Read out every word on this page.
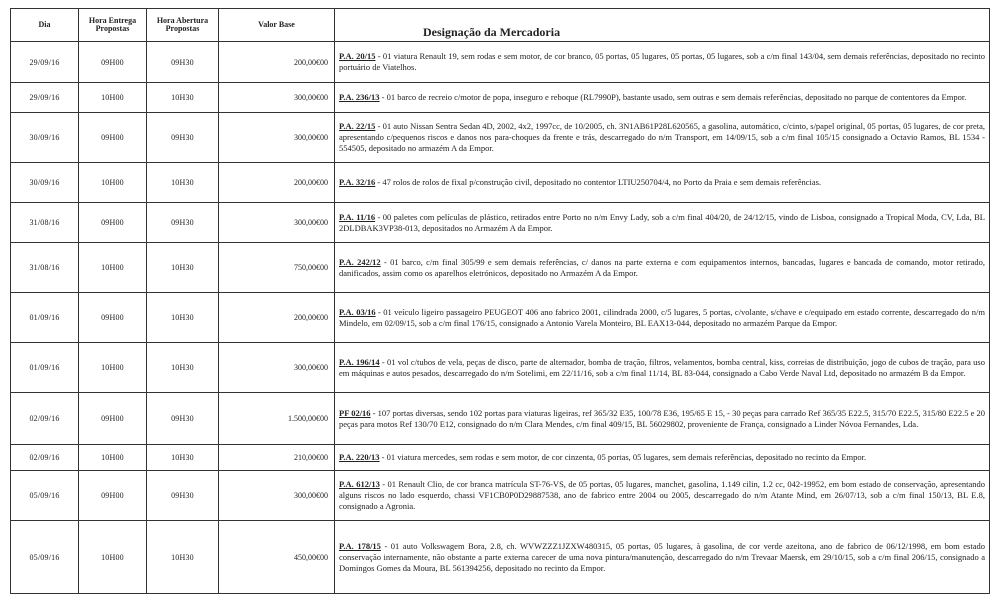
Dia	Hora Entrega Propostas	Hora Abertura Propostas	Valor Base	Designação da Mercadoria
29/09/16	09H00	09H30	200,00€00	P.A. 20/15 - 01 viatura Renault 19, sem rodas e sem motor, de cor branco, 05 portas, 05 lugares, 05 portas, 05 lugares, sob a c/m final 143/04, sem demais referências, depositado no recinto portuário de Viatelhos.
29/09/16	10H00	10H30	300,00€00	P.A. 236/13 - 01 barco de recreio c/motor de popa, inseguro e reboque (RL7990P), bastante usado, sem outras e sem demais referências, depositado no parque de contentores da Empor.
30/09/16	09H00	09H30	300,00€00	P.A. 22/15 - 01 auto Nissan Sentra Sedan 4D, 2002, 4x2, 1997cc, de 10/2005, ch. 3N1AB61P28L620565, a gasolina, automático, c/cinto, s/papel original, 05 portas, 05 lugares, de cor preta, apresentando c/pequenos riscos e danos nos para-choques da frente e trás, descarregado do n/m Transport, em 14/09/15, sob a c/m final 105/15 consignado a Octavio Ramos, BL 1534 - 554505, depositado no armazém A da Empor.
30/09/16	10H00	10H30	200,00€00	P.A. 32/16 - 47 rolos de rolos de fixal p/construção civil, depositado no contentor LTIU250704/4, no Porto da Praia e sem demais referências.
31/08/16	09H00	09H30	300,00€00	P.A. 11/16 - 00 paletes com películas de plástico, retirados entre Porto no n/m Envy Lady, sob a c/m final 404/20, de 24/12/15, vindo de Lisboa, consignado a Tropical Moda, CV, Lda, BL 2DLDBAK3VP38-013, depositados no Armazém A da Empor.
31/08/16	10H00	10H30	750,00€00	P.A. 242/12 - 01 barco, c/m final 305/99 e sem demais referências, c/ danos na parte externa e com equipamentos internos, bancadas, lugares e bancada de comando, motor retirado, danificados, assim como os aparelhos eletrónicos, depositado no Armazém A da Empor.
01/09/16	09H00	10H30	200,00€00	P.A. 03/16 - 01 veículo ligeiro passageiro PEUGEOT 406 ano fabrico 2001, cilindrada 2000, c/5 lugares, 5 portas, c/volante, s/chave e c/equipado em estado corrente, descarregado do n/m Mindelo, em 02/09/15, sob a c/m final 176/15, consignado a Antonio Varela Monteiro, BL EAX13-044, depositado no armazém Parque da Empor.
01/09/16	10H00	10H30	300,00€00	P.A. 196/14 - 01 vol c/tubos de vela, peças de disco, parte de alternador, bomba de tração, filtros, velamentos, bomba central, kiss, correias de distribuição, jogo de cubos de tração, para uso em máquinas e autos pesados, descarregado do n/m Sotelimi, em 22/11/16, sob a c/m final 11/14, BL 83-044, consignado a Cabo Verde Naval Ltd, depositado no armazém B da Empor.
02/09/16	09H00	09H30	1.500,00€00	PF 02/16 - 107 portas diversas, sendo 102 portas para viaturas ligeiras, ref 365/32 E35, 100/78 E36, 195/65 E 15, - 30 peças para carrado Ref 365/35 E22.5, 315/70 E22.5, 315/80 E22.5 e 20 peças para motos Ref 130/70 E12, consignado do n/m Clara Mendes, c/m final 409/15, BL 56029802, proveniente de França, consignado a Linder Nóvoa Fernandes, Lda.
02/09/16	10H00	10H30	210,00€00	P.A. 220/13 - 01 viatura mercedes, sem rodas e sem motor, de cor cinzenta, 05 portas, 05 lugares, sem demais referências, depositado no recinto da Empor.
05/09/16	09H00	09H30	300,00€00	P.A. 612/13 - 01 Renault Clio, de cor branca matrícula ST-76-VS, de 05 portas, 05 lugares, manchet, gasolina, 1.149 cilin, 1.2 cc, 042-19952, em bom estado de conservação, apresentando alguns riscos no lado esquerdo, chassi VF1CB0P0D29887538, ano de fabrico entre 2004 ou 2005, descarregado do n/m Atante Mind, em 26/07/13, sob a c/m final 150/13, BL E.8, consignado a Agronia.
05/09/16	10H00	10H30	450,00€00	P.A. 178/15 - 01 auto Volkswagem Bora, 2.8, ch. WVWZZZ1JZXW480315, 05 portas, 05 lugares, à gasolina, de cor verde azeitona, ano de fabrico de 06/12/1998, em bom estado conservação internamente, não obstante a parte externa carecer de uma nova pintura/manutenção, descarregado do n/m Trevaar Maersk, em 29/10/15, sob a c/m final 206/15, consignado a Domingos Gomes da Moura, BL 561394256, depositado no recinto da Empor.
